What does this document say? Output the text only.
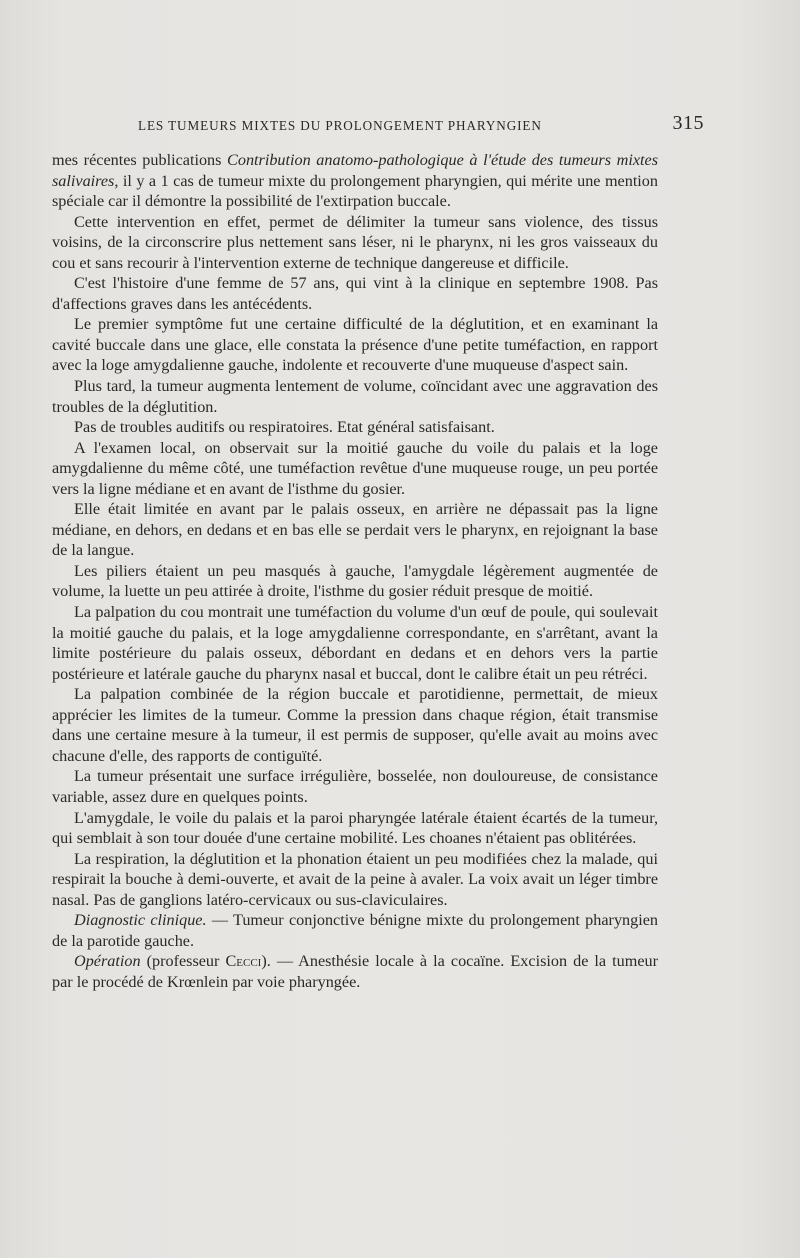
LES TUMEURS MIXTES DU PROLONGEMENT PHARYNGIEN	315

mes récentes publications Contribution anatomo-pathologique à l'étude des tumeurs mixtes salivaires, il y a 1 cas de tumeur mixte du prolongement pharyngien, qui mérite une mention spéciale car il démontre la possibilité de l'extirpation buccale.

Cette intervention en effet, permet de délimiter la tumeur sans violence, des tissus voisins, de la circonscrire plus nettement sans léser, ni le pharynx, ni les gros vaisseaux du cou et sans recourir à l'intervention externe de technique dangereuse et difficile.

C'est l'histoire d'une femme de 57 ans, qui vint à la clinique en septembre 1908. Pas d'affections graves dans les antécédents.

Le premier symptôme fut une certaine difficulté de la déglutition, et en examinant la cavité buccale dans une glace, elle constata la présence d'une petite tuméfaction, en rapport avec la loge amygdalienne gauche, indolente et recouverte d'une muqueuse d'aspect sain.

Plus tard, la tumeur augmenta lentement de volume, coïncidant avec une aggravation des troubles de la déglutition.

Pas de troubles auditifs ou respiratoires. Etat général satisfaisant.

A l'examen local, on observait sur la moitié gauche du voile du palais et la loge amygdalienne du même côté, une tuméfaction revêtue d'une muqueuse rouge, un peu portée vers la ligne médiane et en avant de l'isthme du gosier.

Elle était limitée en avant par le palais osseux, en arrière ne dépassait pas la ligne médiane, en dehors, en dedans et en bas elle se perdait vers le pharynx, en rejoignant la base de la langue.

Les piliers étaient un peu masqués à gauche, l'amygdale légèrement augmentée de volume, la luette un peu attirée à droite, l'isthme du gosier réduit presque de moitié.

La palpation du cou montrait une tuméfaction du volume d'un œuf de poule, qui soulevait la moitié gauche du palais, et la loge amygdalienne correspondante, en s'arrêtant, avant la limite postérieure du palais osseux, débordant en dedans et en dehors vers la partie postérieure et latérale gauche du pharynx nasal et buccal, dont le calibre était un peu rétréci.

La palpation combinée de la région buccale et parotidienne, permettait, de mieux apprécier les limites de la tumeur. Comme la pression dans chaque région, était transmise dans une certaine mesure à la tumeur, il est permis de supposer, qu'elle avait au moins avec chacune d'elle, des rapports de contiguïté.

La tumeur présentait une surface irrégulière, bosselée, non douloureuse, de consistance variable, assez dure en quelques points.

L'amygdale, le voile du palais et la paroi pharyngée latérale étaient écartés de la tumeur, qui semblait à son tour douée d'une certaine mobilité. Les choanes n'étaient pas oblitérées.

La respiration, la déglutition et la phonation étaient un peu modifiées chez la malade, qui respirait la bouche à demi-ouverte, et avait de la peine à avaler. La voix avait un léger timbre nasal. Pas de ganglions latéro-cervicaux ou sus-claviculaires.

Diagnostic clinique. — Tumeur conjonctive bénigne mixte du prolongement pharyngien de la parotide gauche.

Opération (professeur Cecci). — Anesthésie locale à la cocaïne. Excision de la tumeur par le procédé de Krœnlein par voie pharyngée.
